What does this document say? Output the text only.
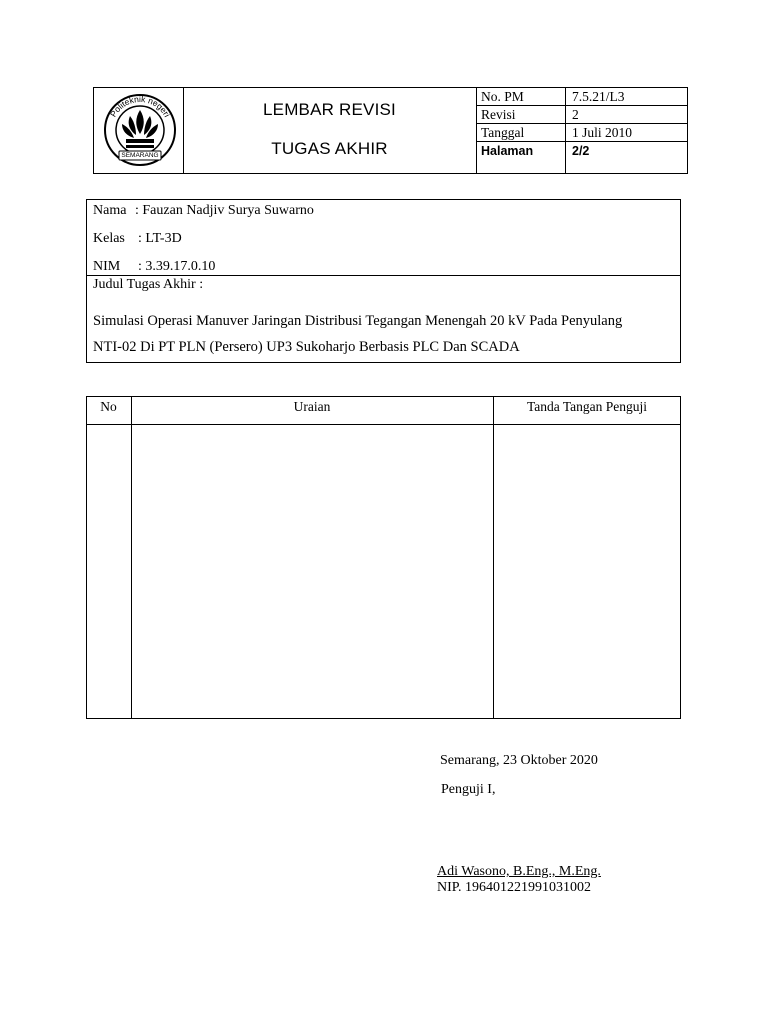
Politeknik negeri
SEMARANG
LEMBAR REVISI
TUGAS AKHIR
No. PM	7.5.21/L3
Revisi	2
Tanggal	1 Juli 2010
Halaman	2/2
Nama : Fauzan Nadjiv Surya Suwarno
Kelas : LT-3D
NIM : 3.39.17.0.10
Judul Tugas Akhir :
Simulasi Operasi Manuver Jaringan Distribusi Tegangan Menengah 20 kV Pada Penyulang
NTI-02 Di PT PLN (Persero) UP3 Sukoharjo Berbasis PLC Dan SCADA
No	Uraian	Tanda Tangan Penguji
Semarang, 23 Oktober 2020
Penguji I,
Adi Wasono, B.Eng., M.Eng.
NIP. 196401221991031002
